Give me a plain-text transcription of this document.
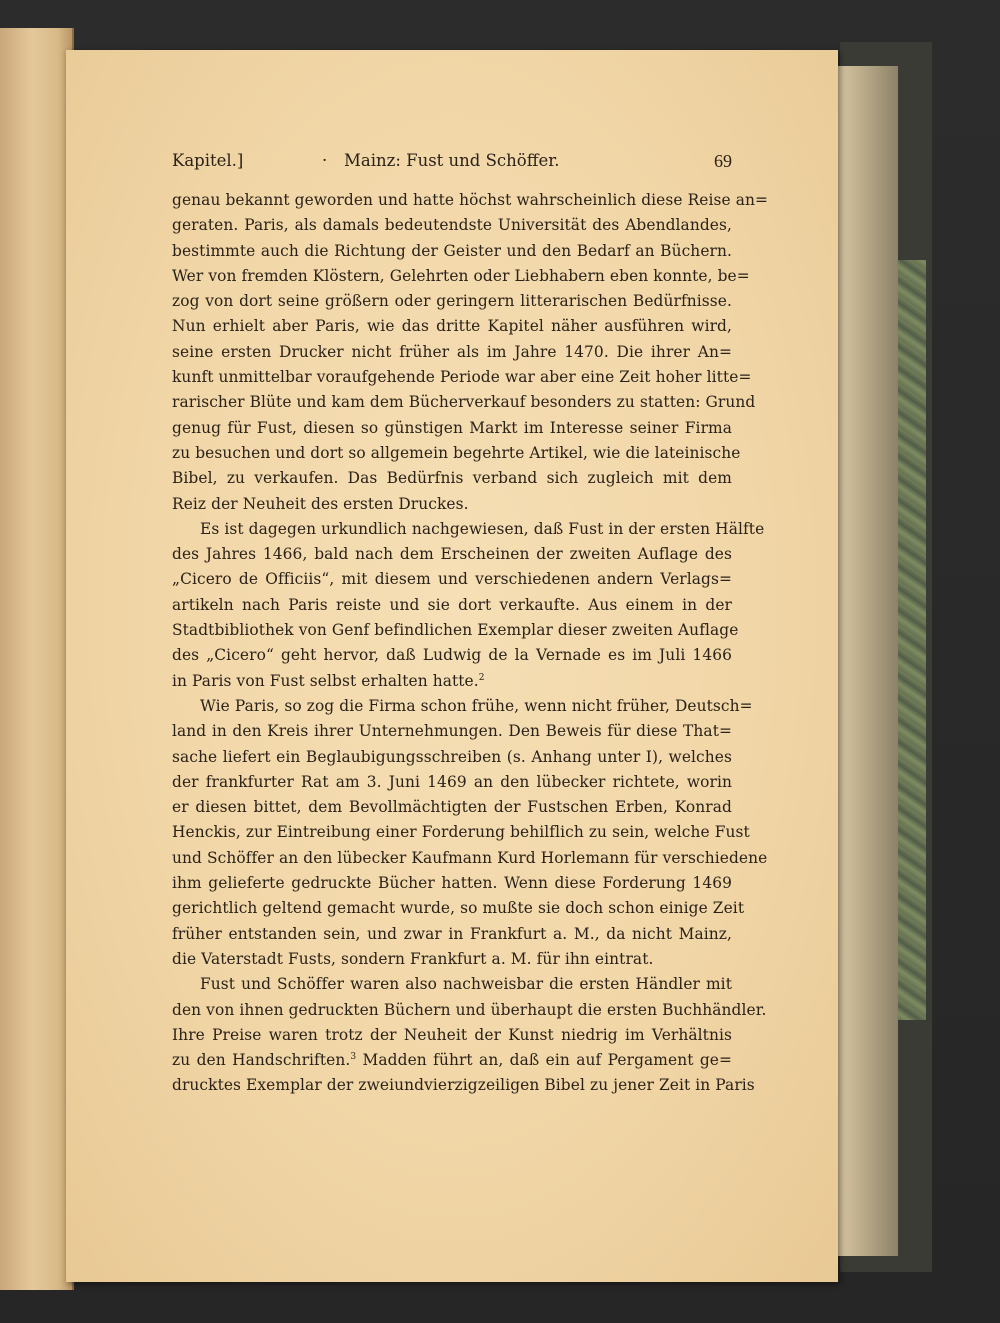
Kapitel.]	· Mainz: Fust und Schöffer.	69
genau bekannt geworden und hatte höchst wahrscheinlich diese Reise an=
geraten. Paris, als damals bedeutendste Universität des Abendlandes,
bestimmte auch die Richtung der Geister und den Bedarf an Büchern.
Wer von fremden Klöstern, Gelehrten oder Liebhabern eben konnte, be=
zog von dort seine größern oder geringern litterarischen Bedürfnisse.
Nun erhielt aber Paris, wie das dritte Kapitel näher ausführen wird,
seine ersten Drucker nicht früher als im Jahre 1470. Die ihrer An=
kunft unmittelbar voraufgehende Periode war aber eine Zeit hoher litte=
rarischer Blüte und kam dem Bücherverkauf besonders zu statten: Grund
genug für Fust, diesen so günstigen Markt im Interesse seiner Firma
zu besuchen und dort so allgemein begehrte Artikel, wie die lateinische
Bibel, zu verkaufen. Das Bedürfnis verband sich zugleich mit dem
Reiz der Neuheit des ersten Druckes.
Es ist dagegen urkundlich nachgewiesen, daß Fust in der ersten Hälfte
des Jahres 1466, bald nach dem Erscheinen der zweiten Auflage des
„Cicero de Officiis“, mit diesem und verschiedenen andern Verlags=
artikeln nach Paris reiste und sie dort verkaufte. Aus einem in der
Stadtbibliothek von Genf befindlichen Exemplar dieser zweiten Auflage
des „Cicero“ geht hervor, daß Ludwig de la Vernade es im Juli 1466
in Paris von Fust selbst erhalten hatte.$^2$
Wie Paris, so zog die Firma schon frühe, wenn nicht früher, Deutsch=
land in den Kreis ihrer Unternehmungen. Den Beweis für diese That=
sache liefert ein Beglaubigungsschreiben (s. Anhang unter I), welches
der frankfurter Rat am 3. Juni 1469 an den lübecker richtete, worin
er diesen bittet, dem Bevollmächtigten der Fustschen Erben, Konrad
Henckis, zur Eintreibung einer Forderung behilflich zu sein, welche Fust
und Schöffer an den lübecker Kaufmann Kurd Horlemann für verschiedene
ihm gelieferte gedruckte Bücher hatten. Wenn diese Forderung 1469
gerichtlich geltend gemacht wurde, so mußte sie doch schon einige Zeit
früher entstanden sein, und zwar in Frankfurt a. M., da nicht Mainz,
die Vaterstadt Fusts, sondern Frankfurt a. M. für ihn eintrat.
Fust und Schöffer waren also nachweisbar die ersten Händler mit
den von ihnen gedruckten Büchern und überhaupt die ersten Buchhändler.
Ihre Preise waren trotz der Neuheit der Kunst niedrig im Verhältnis
zu den Handschriften.$^3$ Madden führt an, daß ein auf Pergament ge=
drucktes Exemplar der zweiundvierzigzeiligen Bibel zu jener Zeit in Paris
